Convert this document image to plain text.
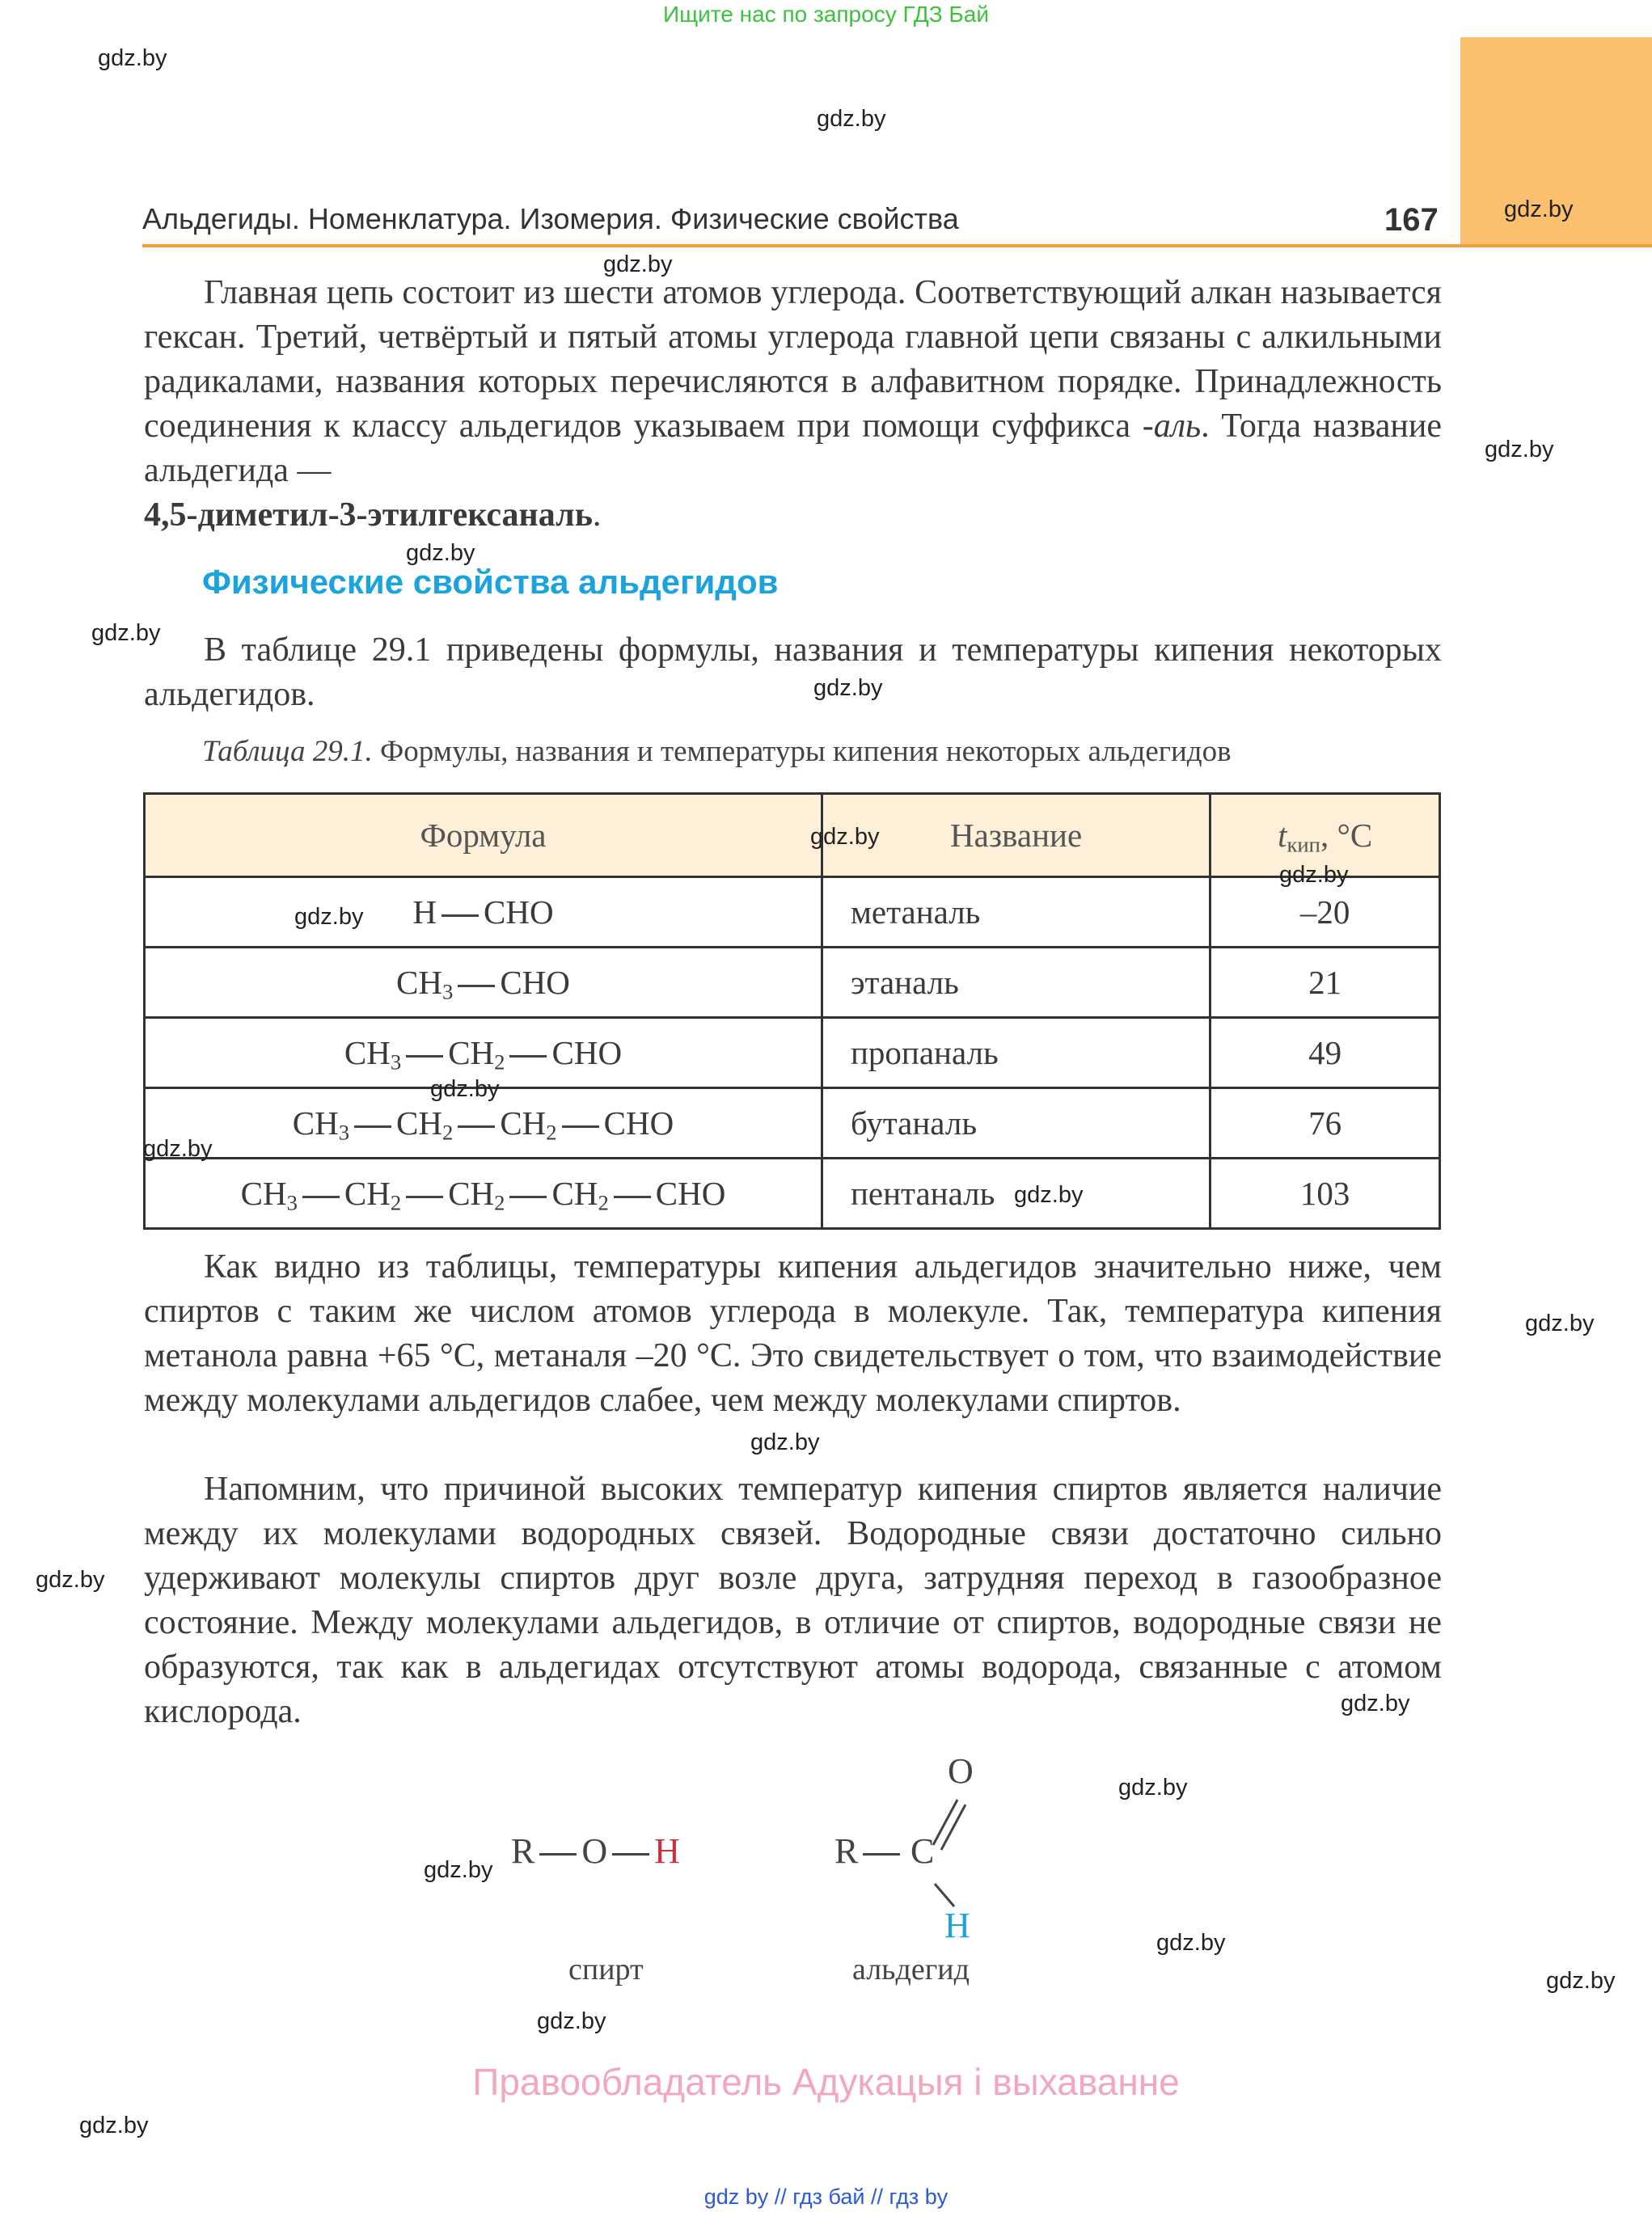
Ищите нас по запросу ГДЗ Бай
Альдегиды. Номенклатура. Изомерия. Физические свойства	167

Главная цепь состоит из шести атомов углерода. Соответствующий алкан называется гексан. Третий, четвёртый и пятый атомы углерода главной цепи связаны с алкильными радикалами, названия которых перечисляются в алфавитном порядке. Принадлежность соединения к классу альдегидов указываем при помощи суффикса -аль. Тогда название альдегида —
4,5-диметил-3-этилгексаналь.

Физические свойства альдегидов

В таблице 29.1 приведены формулы, названия и температуры кипения некоторых альдегидов.

Таблица 29.1. Формулы, названия и температуры кипения некоторых альдегидов
Формула	Название	$t_{кип}$, °C
H CHO	метаналь	–20
$CH_3$ CHO	этаналь	21
$CH_3$ $CH_2$ CHO	пропаналь	49
$CH_3$ $CH_2$ $CH_2$ CHO	бутаналь	76
$CH_3$ $CH_2$ $CH_2$ $CH_2$ CHO	пентаналь	103

Как видно из таблицы, температуры кипения альдегидов значительно ниже, чем спиртов с таким же числом атомов углерода в молекуле. Так, температура кипения метанола равна +65 °C, метаналя –20 °C. Это свидетельствует о том, что взаимодействие между молекулами альдегидов слабее, чем между молекулами спиртов.

Напомним, что причиной высоких температур кипения спиртов является наличие между их молекулами водородных связей. Водородные связи достаточно сильно удерживают молекулы спиртов друг возле друга, затрудняя переход в газообразное состояние. Между молекулами альдегидов, в отличие от спиртов, водородные связи не образуются, так как в альдегидах отсутствуют атомы водорода, связанные с атомом кислорода.

R O H
спирт
R	C
O
H
альдегид
Правообладатель Адукацыя і выхаванне
gdz by // гдз бай // гдз by
gdz.by
gdz.by
gdz.by
gdz.by
gdz.by
gdz.by
gdz.by
gdz.by
gdz.by
gdz.by
gdz.by
gdz.by
gdz.by
gdz.by
gdz.by
gdz.by
gdz.by
gdz.by
gdz.by
gdz.by
gdz.by
gdz.by
gdz.by
gdz.by
